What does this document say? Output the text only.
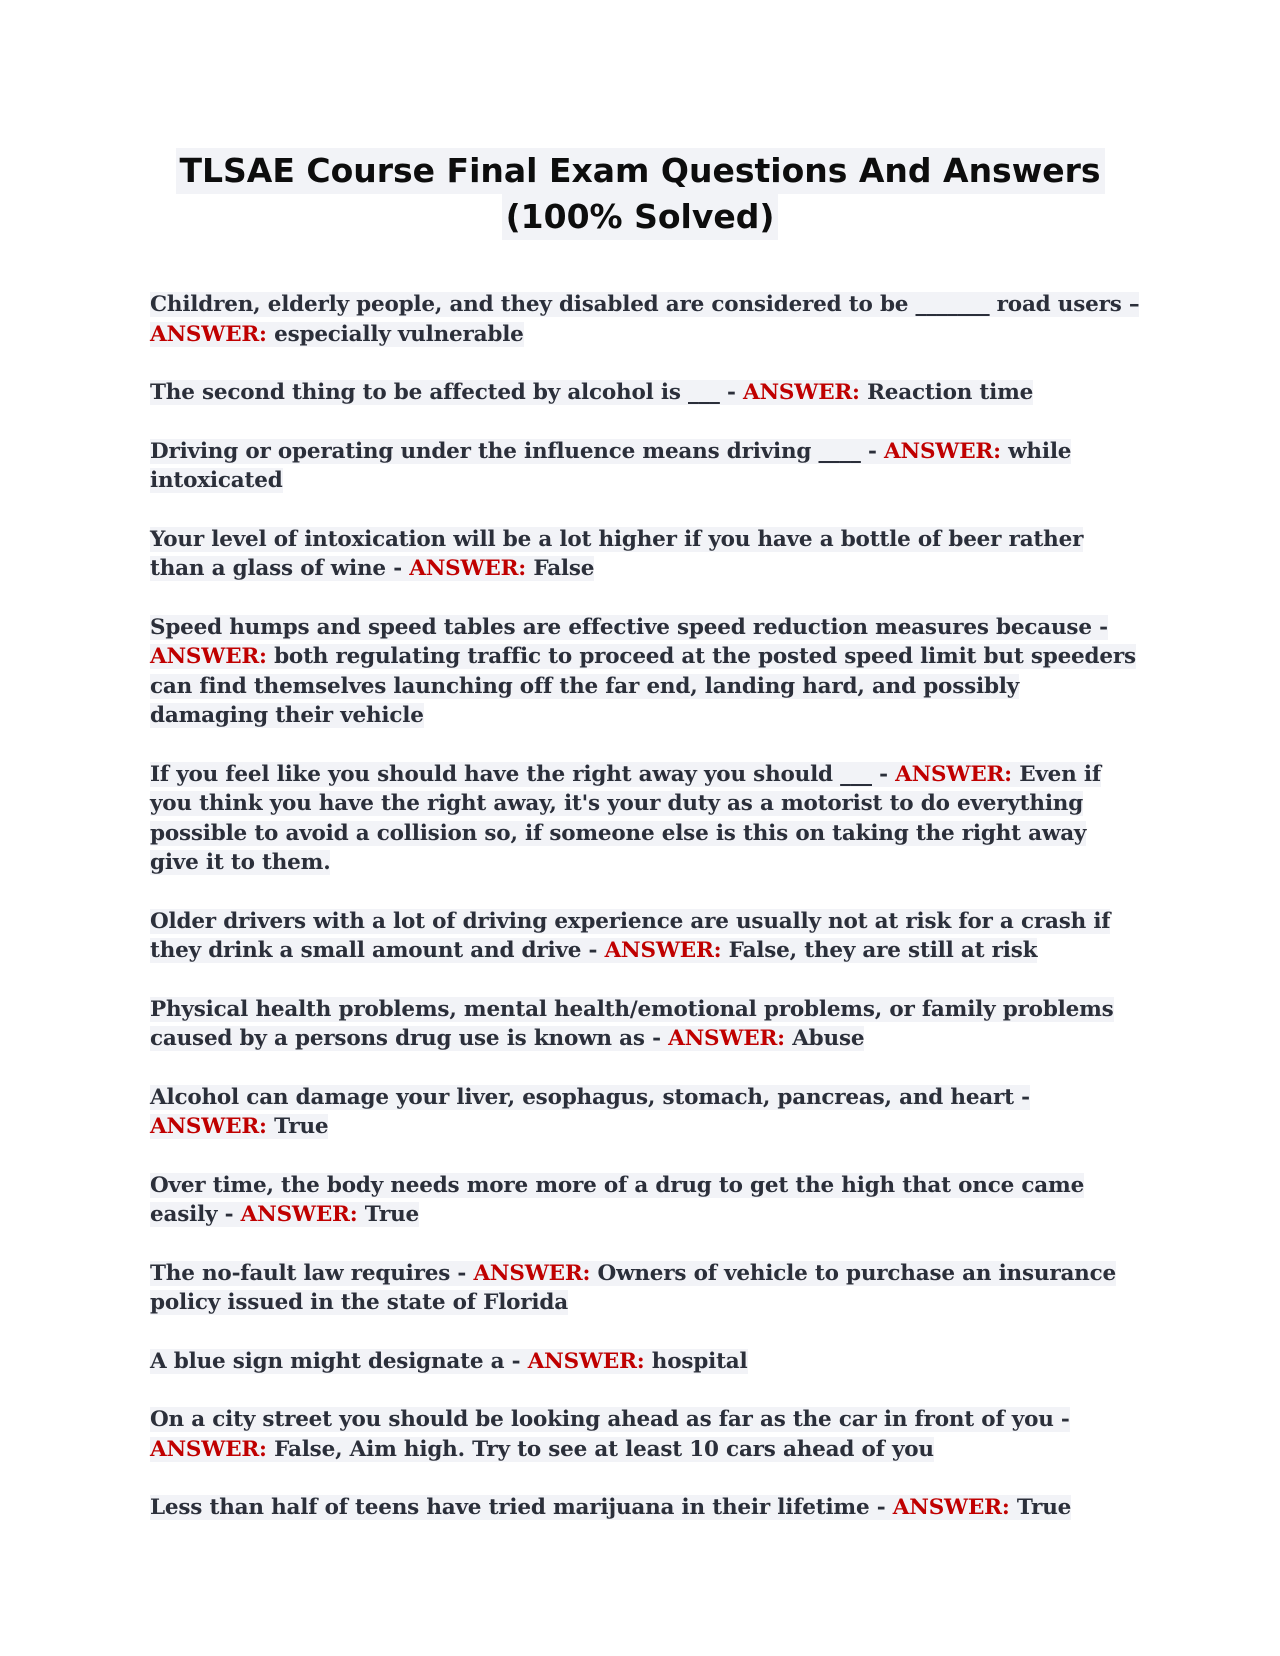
TLSAE Course Final Exam Questions And Answers
(100% Solved)

Children, elderly people, and they disabled are considered to be _______ road users – ANSWER: especially vulnerable

The second thing to be affected by alcohol is ___ - ANSWER: Reaction time

Driving or operating under the influence means driving ____ - ANSWER: while intoxicated

Your level of intoxication will be a lot higher if you have a bottle of beer rather than a glass of wine - ANSWER: False

Speed humps and speed tables are effective speed reduction measures because - ANSWER: both regulating traffic to proceed at the posted speed limit but speeders can find themselves launching off the far end, landing hard, and possibly damaging their vehicle

If you feel like you should have the right away you should ___ - ANSWER: Even if you think you have the right away, it's your duty as a motorist to do everything possible to avoid a collision so, if someone else is this on taking the right away give it to them.

Older drivers with a lot of driving experience are usually not at risk for a crash if they drink a small amount and drive - ANSWER: False, they are still at risk

Physical health problems, mental health/emotional problems, or family problems caused by a persons drug use is known as - ANSWER: Abuse

Alcohol can damage your liver, esophagus, stomach, pancreas, and heart - ANSWER: True

Over time, the body needs more more of a drug to get the high that once came easily - ANSWER: True

The no-fault law requires - ANSWER: Owners of vehicle to purchase an insurance policy issued in the state of Florida

A blue sign might designate a - ANSWER: hospital

On a city street you should be looking ahead as far as the car in front of you - ANSWER: False, Aim high. Try to see at least 10 cars ahead of you

Less than half of teens have tried marijuana in their lifetime - ANSWER: True
